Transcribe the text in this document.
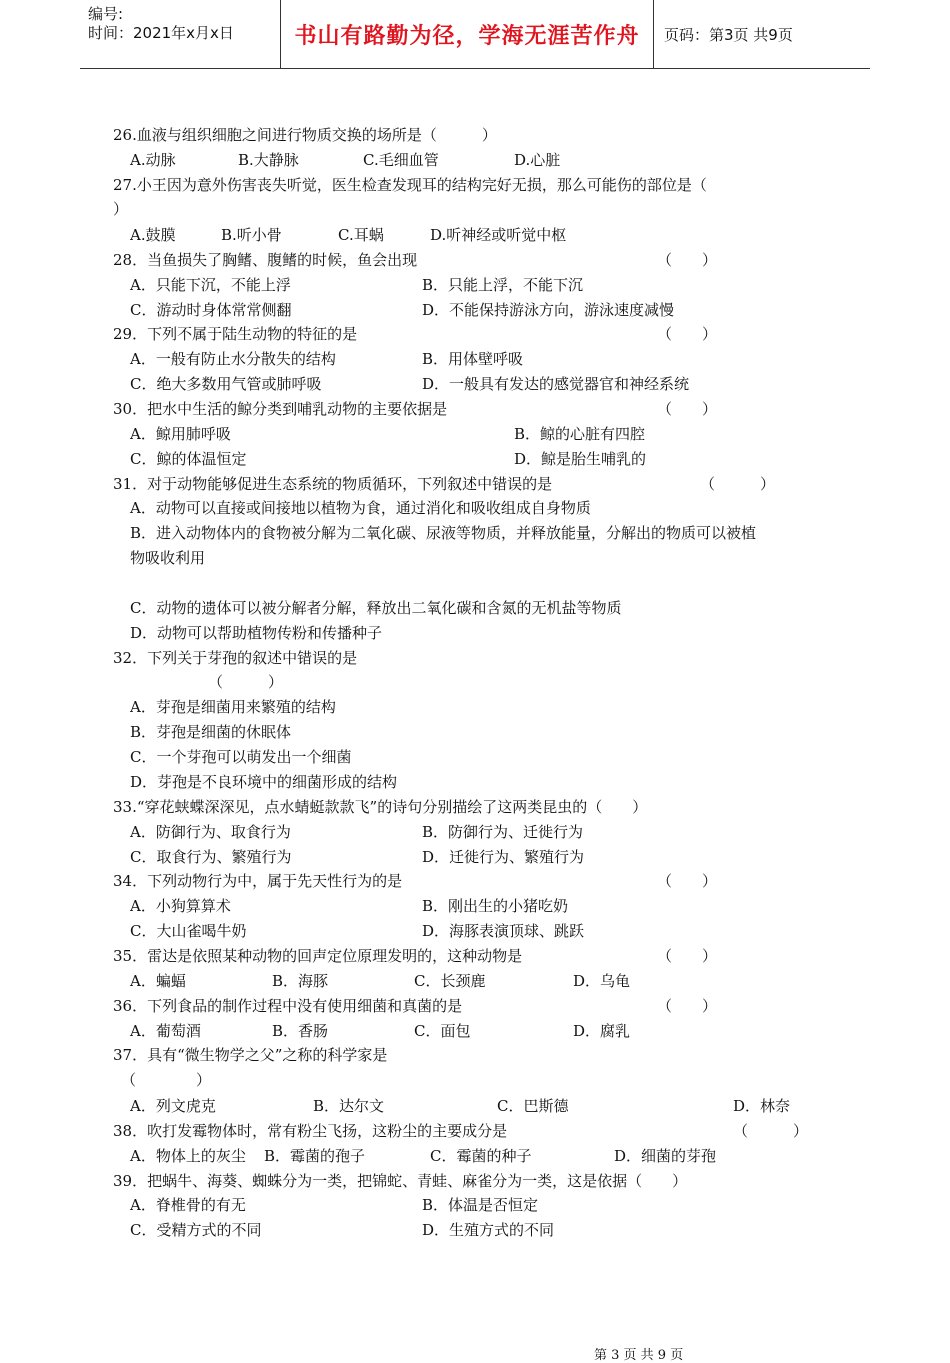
编号:
时间：2021年x月x日	书山有路勤为径，学海无涯苦作舟	页码：第3页 共9页
26.血液与组织细胞之间进行物质交换的场所是（　　　）
A.动脉	B.大静脉	C.毛细血管	D.心脏
27.小王因为意外伤害丧失听觉，医生检查发现耳的结构完好无损，那么可能伤的部位是（
）
A.鼓膜	B.听小骨	C.耳蜗	D.听神经或听觉中枢
28．当鱼损失了胸鳍、腹鳍的时候，鱼会出现	（　　）
A．只能下沉，不能上浮	B．只能上浮，不能下沉
C．游动时身体常常侧翻	D．不能保持游泳方向，游泳速度减慢
29．下列不属于陆生动物的特征的是	（　　）
A．一般有防止水分散失的结构	B．用体壁呼吸
C．绝大多数用气管或肺呼吸	D．一般具有发达的感觉器官和神经系统
30．把水中生活的鲸分类到哺乳动物的主要依据是	（　　）
A．鲸用肺呼吸	B．鲸的心脏有四腔
C．鲸的体温恒定	D．鲸是胎生哺乳的
31．对于动物能够促进生态系统的物质循环，下列叙述中错误的是	（　　　）
A．动物可以直接或间接地以植物为食，通过消化和吸收组成自身物质
B．进入动物体内的食物被分解为二氧化碳、尿液等物质，并释放能量，分解出的物质可以被植
物吸收利用
C．动物的遗体可以被分解者分解，释放出二氧化碳和含氮的无机盐等物质
D．动物可以帮助植物传粉和传播种子
32．下列关于芽孢的叙述中错误的是
（　　　）
A．芽孢是细菌用来繁殖的结构
B．芽孢是细菌的休眠体
C．一个芽孢可以萌发出一个细菌
D．芽孢是不良环境中的细菌形成的结构
33.“穿花蛱蝶深深见，点水蜻蜓款款飞”的诗句分别描绘了这两类昆虫的（　　）
A．防御行为、取食行为	B．防御行为、迁徙行为
C．取食行为、繁殖行为	D．迁徙行为、繁殖行为
34．下列动物行为中，属于先天性行为的是	（　　）
A．小狗算算术	B．刚出生的小猪吃奶
C．大山雀喝牛奶	D．海豚表演顶球、跳跃
35．雷达是依照某种动物的回声定位原理发明的，这种动物是	（　　）
A．蝙蝠	B．海豚	C．长颈鹿	D．乌龟
36．下列食品的制作过程中没有使用细菌和真菌的是	（　　）
A．葡萄酒	B．香肠	C．面包	D．腐乳
37．具有“微生物学之父”之称的科学家是
（　　　　）
A．列文虎克	B．达尔文	C．巴斯德	D．林奈
38．吹打发霉物体时，常有粉尘飞扬，这粉尘的主要成分是	（　　　）
A．物体上的灰尘 B．霉菌的孢子	C．霉菌的种子	D．细菌的芽孢
39．把蜗牛、海葵、蜘蛛分为一类，把锦蛇、青蛙、麻雀分为一类，这是依据（　　）
A．脊椎骨的有无	B．体温是否恒定
C．受精方式的不同	D．生殖方式的不同
第 3 页 共 9 页
